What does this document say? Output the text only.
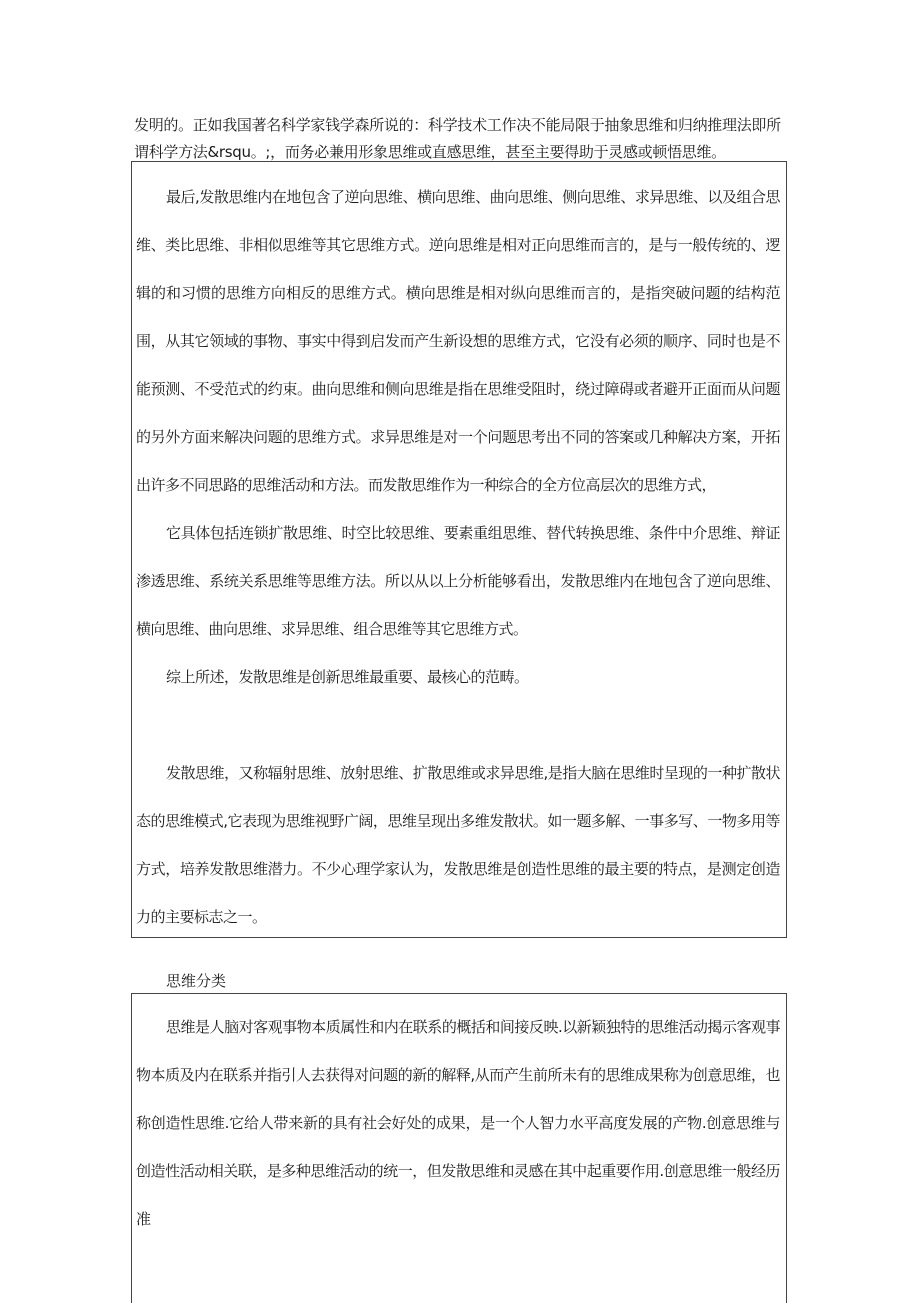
发明的。正如我国著名科学家钱学森所说的：科学技术工作决不能局限于抽象思维和归纳推理法即所谓科学方法&rsqu。;，而务必兼用形象思维或直感思维，甚至主要得助于灵感或顿悟思维。

最后,发散思维内在地包含了逆向思维、横向思维、曲向思维、侧向思维、求异思维、以及组合思维、类比思维、非相似思维等其它思维方式。逆向思维是相对正向思维而言的，是与一般传统的、逻辑的和习惯的思维方向相反的思维方式。横向思维是相对纵向思维而言的，是指突破问题的结构范围，从其它领域的事物、事实中得到启发而产生新设想的思维方式，它没有必须的顺序、同时也是不能预测、不受范式的约束。曲向思维和侧向思维是指在思维受阻时，绕过障碍或者避开正面而从问题的另外方面来解决问题的思维方式。求异思维是对一个问题思考出不同的答案或几种解决方案，开拓出许多不同思路的思维活动和方法。而发散思维作为一种综合的全方位高层次的思维方式，

它具体包括连锁扩散思维、时空比较思维、要素重组思维、替代转换思维、条件中介思维、辩证渗透思维、系统关系思维等思维方法。所以从以上分析能够看出，发散思维内在地包含了逆向思维、横向思维、曲向思维、求异思维、组合思维等其它思维方式。

综上所述，发散思维是创新思维最重要、最核心的范畴。

发散思维，又称辐射思维、放射思维、扩散思维或求异思维,是指大脑在思维时呈现的一种扩散状态的思维模式,它表现为思维视野广阔，思维呈现出多维发散状。如一题多解、一事多写、一物多用等方式，培养发散思维潜力。不少心理学家认为，发散思维是创造性思维的最主要的特点，是测定创造力的主要标志之一。

思维分类

思维是人脑对客观事物本质属性和内在联系的概括和间接反映.以新颖独特的思维活动揭示客观事物本质及内在联系并指引人去获得对问题的新的解释,从而产生前所未有的思维成果称为创意思维，也称创造性思维.它给人带来新的具有社会好处的成果，是一个人智力水平高度发展的产物.创意思维与创造性活动相关联，是多种思维活动的统一，但发散思维和灵感在其中起重要作用.创意思维一般经历准
